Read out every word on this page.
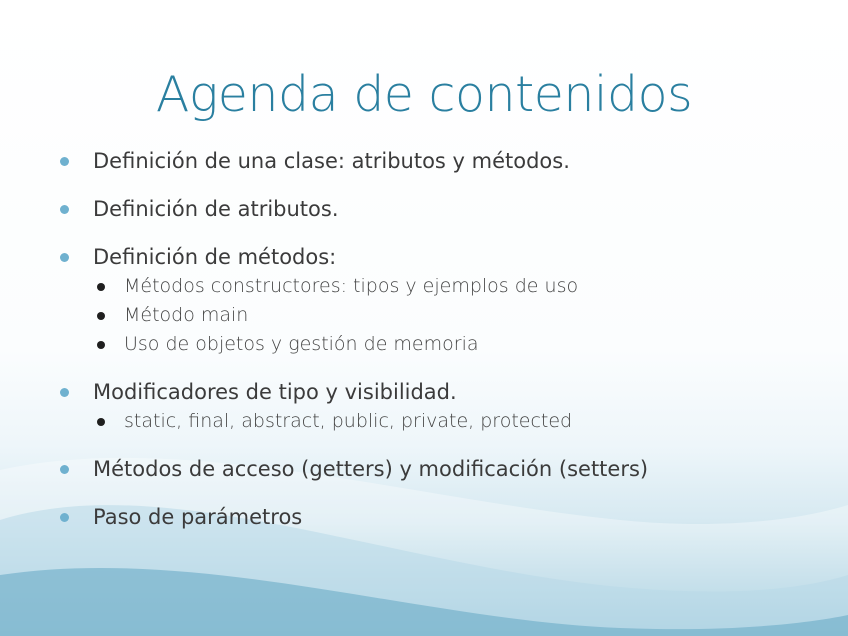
Agenda de contenidos
Definición de una clase: atributos y métodos.
Definición de atributos.
Definición de métodos:
Métodos constructores: tipos y ejemplos de uso
Método main
Uso de objetos y gestión de memoria
Modificadores de tipo y visibilidad.
static, final, abstract, public, private, protected
Métodos de acceso (getters) y modificación (setters)
Paso de parámetros
